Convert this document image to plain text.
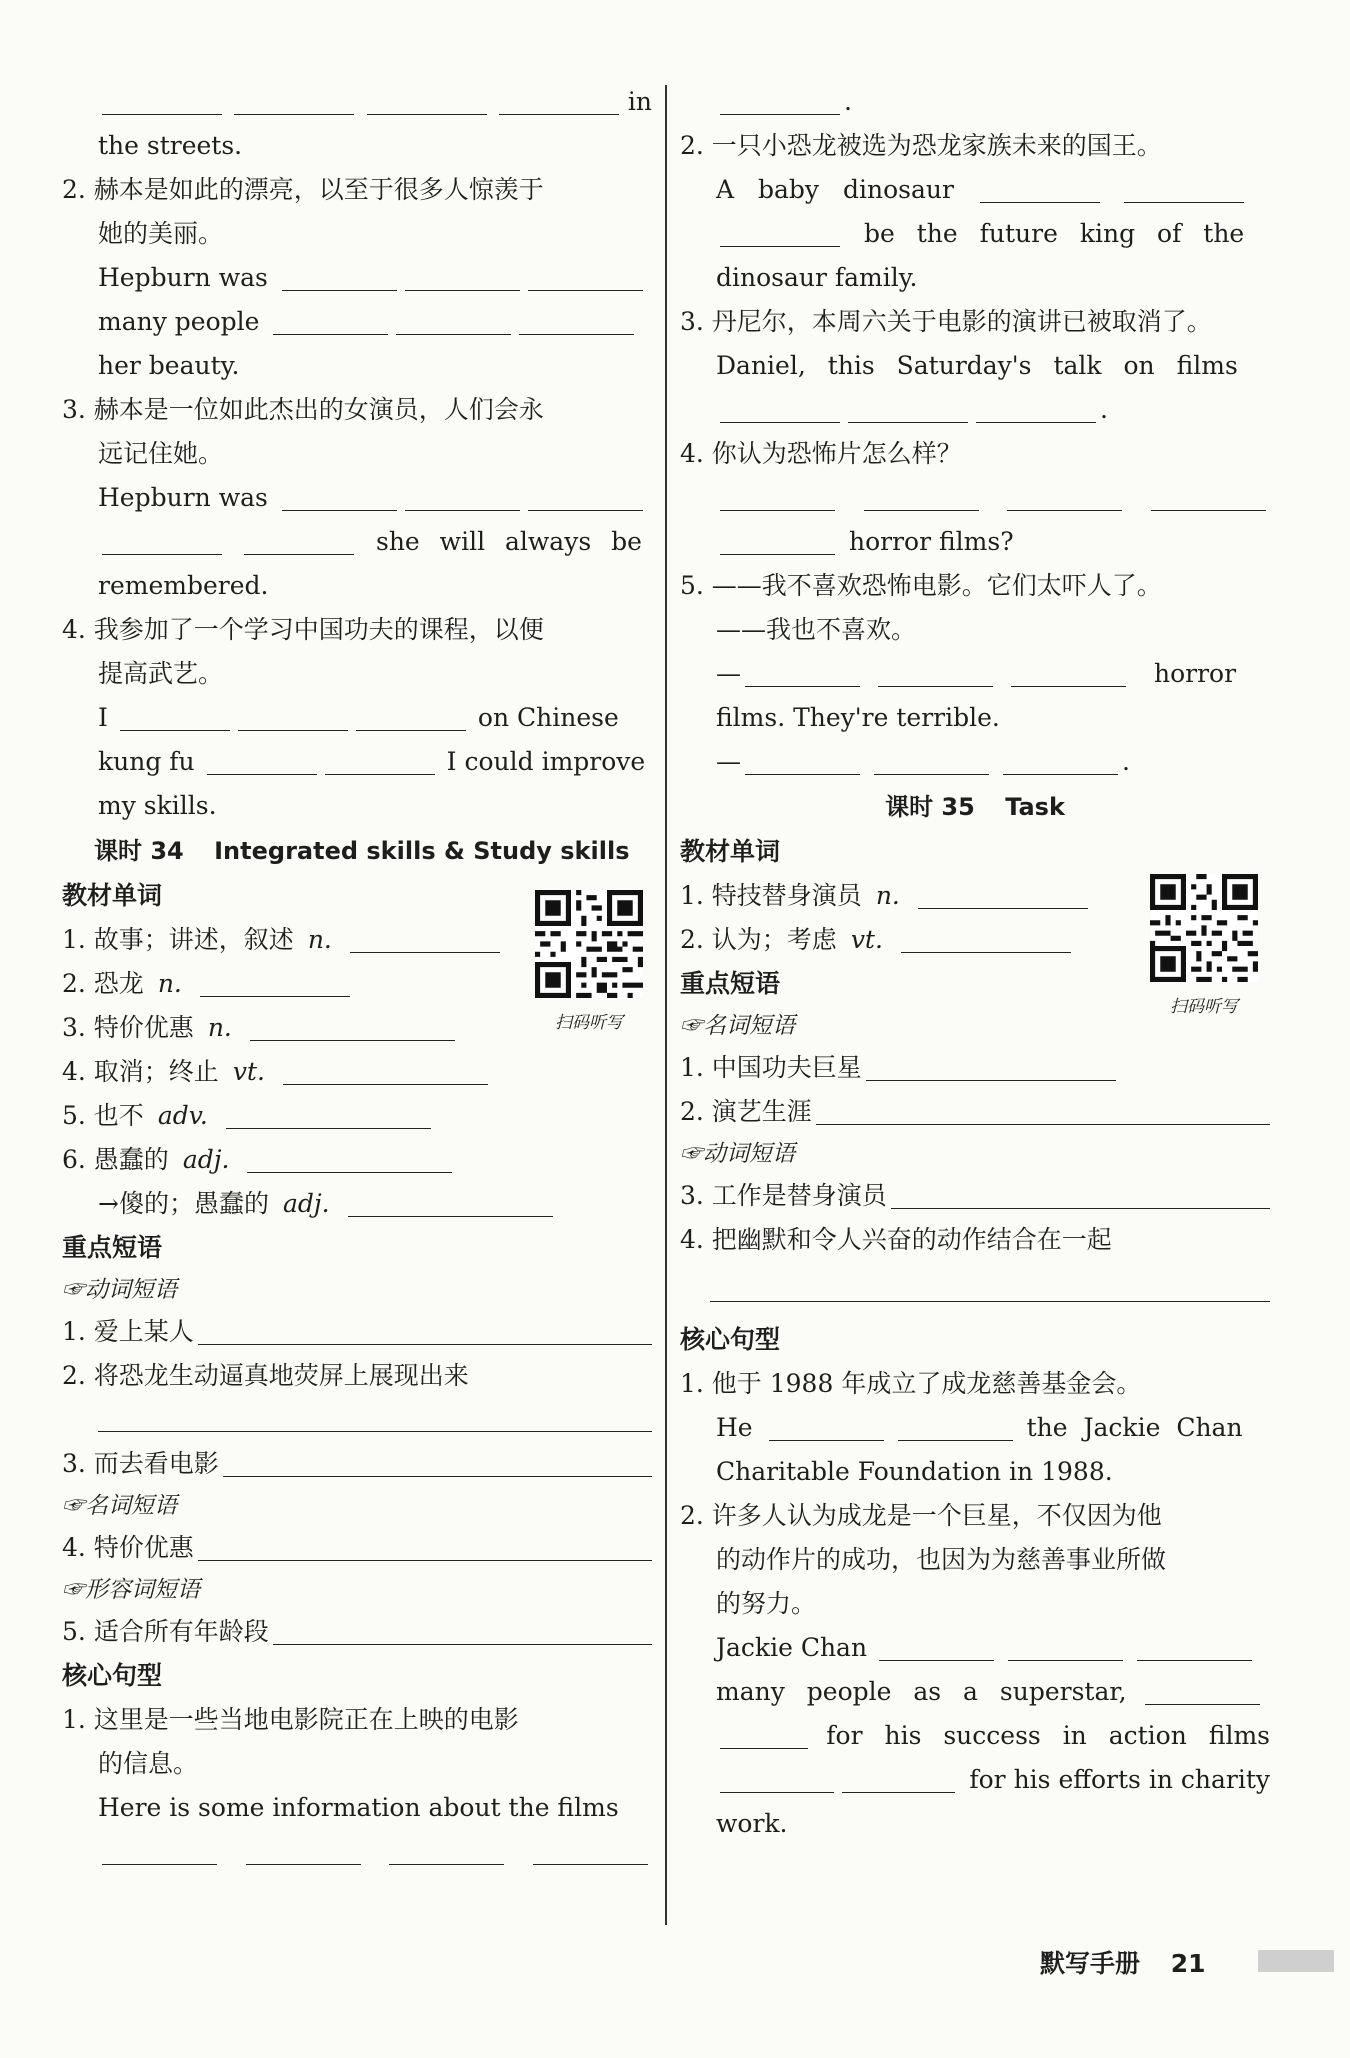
in
the streets.
2. 赫本是如此的漂亮，以至于很多人惊羡于
她的美丽。
Hepburn was
many people
her beauty.
3. 赫本是一位如此杰出的女演员，人们会永
远记住她。
Hepburn was
she will always be
remembered.
4. 我参加了一个学习中国功夫的课程，以便
提高武艺。
I	on Chinese
kung fu	I could improve
my skills.
课时 34 Integrated skills & Study skills
教材单词
1. 故事；讲述，叙述 n.
2. 恐龙 n.
3. 特价优惠 n.
4. 取消；终止 vt.
5. 也不 adv.
6. 愚蠢的 adj.
→傻的；愚蠢的 adj.
重点短语
☞动词短语
1. 爱上某人
2. 将恐龙生动逼真地荧屏上展现出来
3. 而去看电影
☞名词短语
4. 特价优惠
☞形容词短语
5. 适合所有年龄段
核心句型
1. 这里是一些当地电影院正在上映的电影
的信息。
Here is some information about the films
扫码听写
.
2. 一只小恐龙被选为恐龙家族未来的国王。
A baby dinosaur
be the future king of the
dinosaur family.
3. 丹尼尔，本周六关于电影的演讲已被取消了。
Daniel, this Saturday's talk on films
.
4. 你认为恐怖片怎么样？
horror films?
5. ——我不喜欢恐怖电影。它们太吓人了。
——我也不喜欢。
—	horror
films. They're terrible.
—	.
课时 35 Task
教材单词
1. 特技替身演员 n.
2. 认为；考虑 vt.
重点短语
☞名词短语
1. 中国功夫巨星
2. 演艺生涯
☞动词短语
3. 工作是替身演员
4. 把幽默和令人兴奋的动作结合在一起
核心句型
1. 他于 1988 年成立了成龙慈善基金会。
He	the Jackie Chan
Charitable Foundation in 1988.
2. 许多人认为成龙是一个巨星，不仅因为他
的动作片的成功，也因为为慈善事业所做
的努力。
Jackie Chan
many people as a superstar,
for his success in action films
for his efforts in charity
work.
扫码听写
默写手册 21
